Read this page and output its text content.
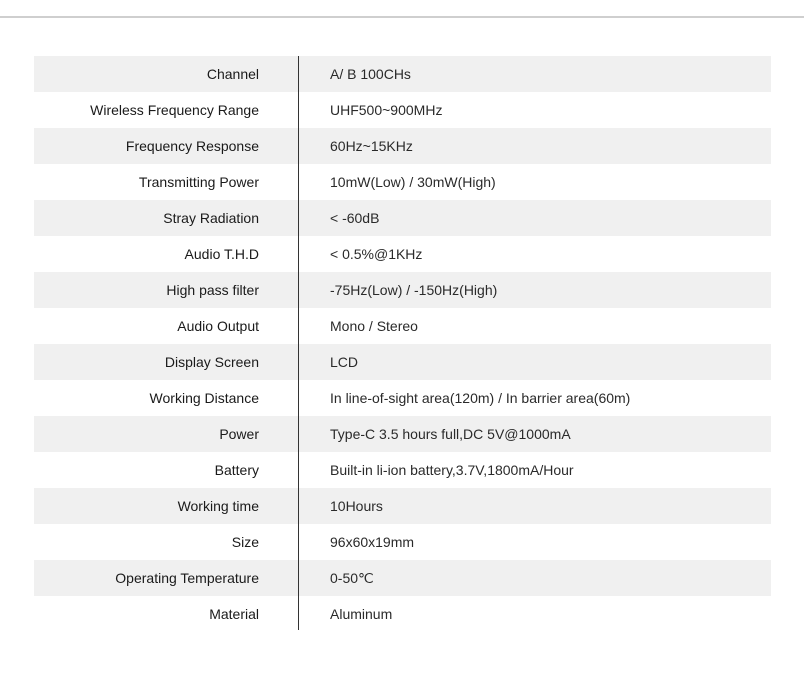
Channel	A/ B 100CHs
Wireless Frequency Range	UHF500~900MHz
Frequency Response	60Hz~15KHz
Transmitting Power	10mW(Low) / 30mW(High)
Stray Radiation	< -60dB
Audio T.H.D	< 0.5%@1KHz
High pass filter	-75Hz(Low) / -150Hz(High)
Audio Output	Mono / Stereo
Display Screen	LCD
Working Distance	In line-of-sight area(120m) / In barrier area(60m)
Power	Type-C 3.5 hours full,DC 5V@1000mA
Battery	Built-in li-ion battery,3.7V,1800mA/Hour
Working time	10Hours
Size	96x60x19mm
Operating Temperature	0-50℃
Material	Aluminum
